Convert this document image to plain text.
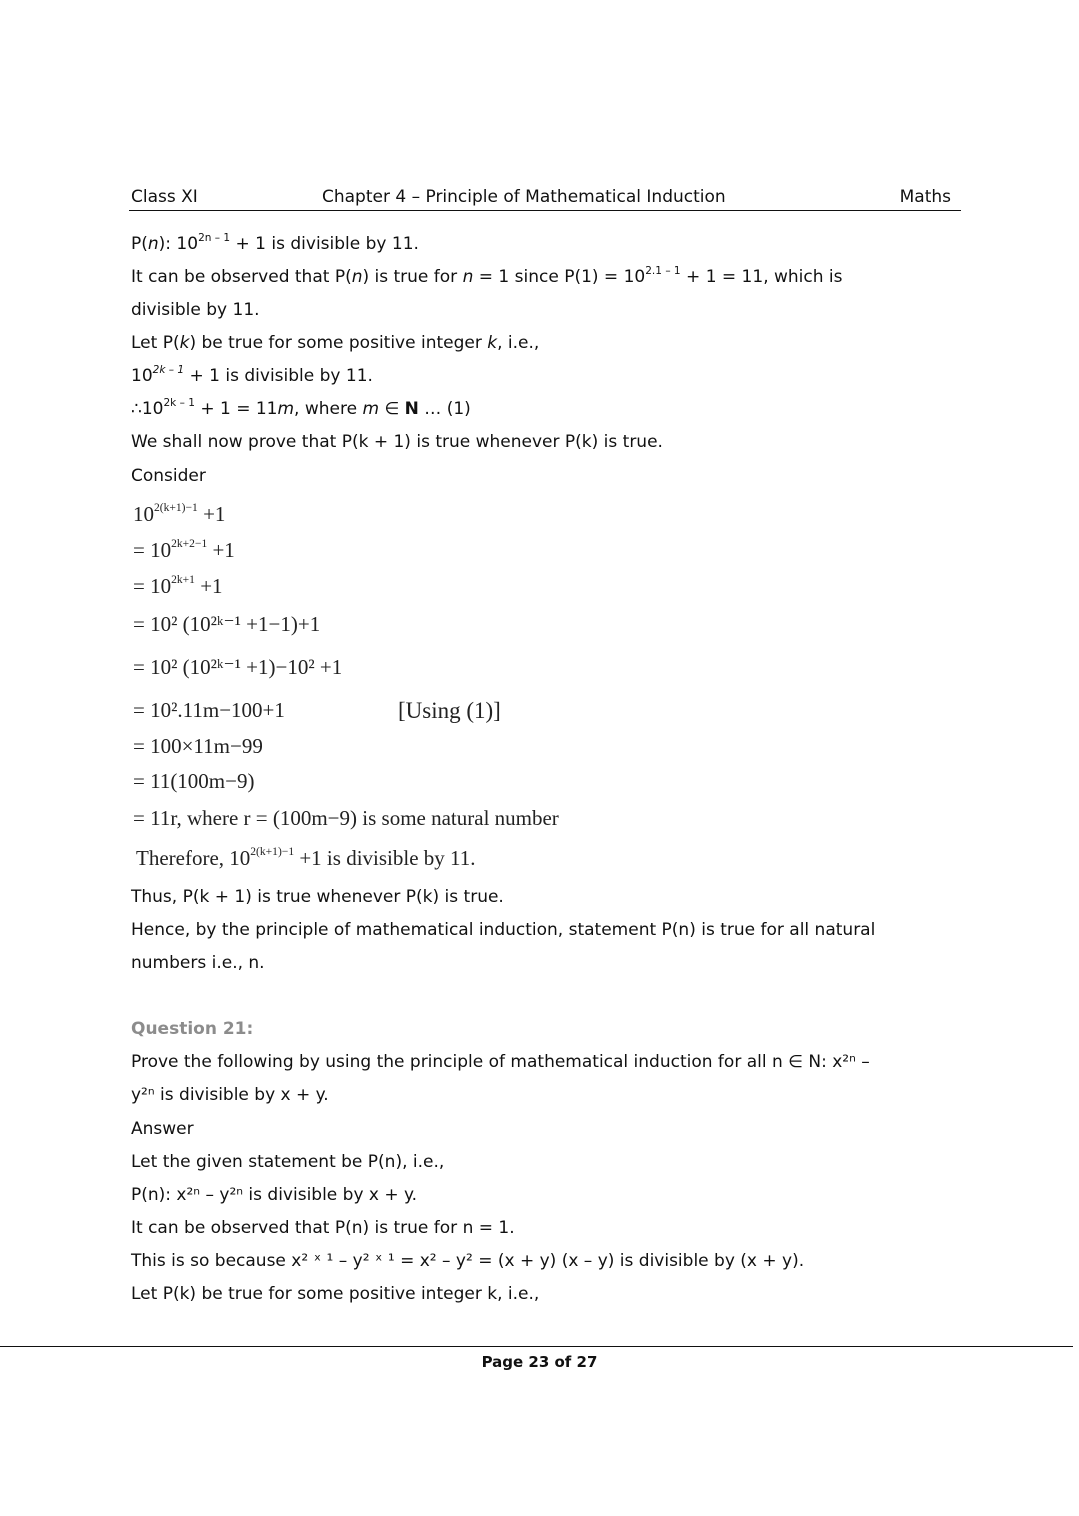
Class XI	Chapter 4 – Principle of Mathematical Induction	Maths
P(n): $10^{2n - 1} + 1$ is divisible by 11.
It can be observed that P(n) is true for n = 1 since $P(1) = 10^{2.1 - 1} + 1 = 11$, which is
divisible by 11.
Let P(k) be true for some positive integer k, i.e.,
$10^{2k - 1} + 1$ is divisible by 11.
$\therefore 10^{2k - 1} + 1 = 11m$, where m ∈ N … (1)
We shall now prove that P(k + 1) is true whenever P(k) is true.
Consider
$10^{2(k+1)-1} +1$
= $10^{2k+2-1} +1$
= $10^{2k+1} +1$
= 10² (10²ᵏ⁻¹ +1−1)+1
= 10² (10²ᵏ⁻¹ +1)−10² +1
= 10².11m−100+1	[Using (1)]
= 100×11m−99
= 11(100m−9)
= 11r, where r = (100m−9) is some natural number
Therefore, $10^{2(k+1)-1} +1$ is divisible by 11.
Thus, P(k + 1) is true whenever P(k) is true.
Hence, by the principle of mathematical induction, statement P(n) is true for all natural
numbers i.e., n.
Question 21:
Prove the following by using the principle of mathematical induction for all n ∈ N: x²ⁿ –
y²ⁿ is divisible by x + y.
Answer
Let the given statement be P(n), i.e.,
P(n): x²ⁿ – y²ⁿ is divisible by x + y.
It can be observed that P(n) is true for n = 1.
This is so because x² ˣ ¹ – y² ˣ ¹ = x² – y² = (x + y) (x – y) is divisible by (x + y).
Let P(k) be true for some positive integer k, i.e.,
Page 23 of 27
